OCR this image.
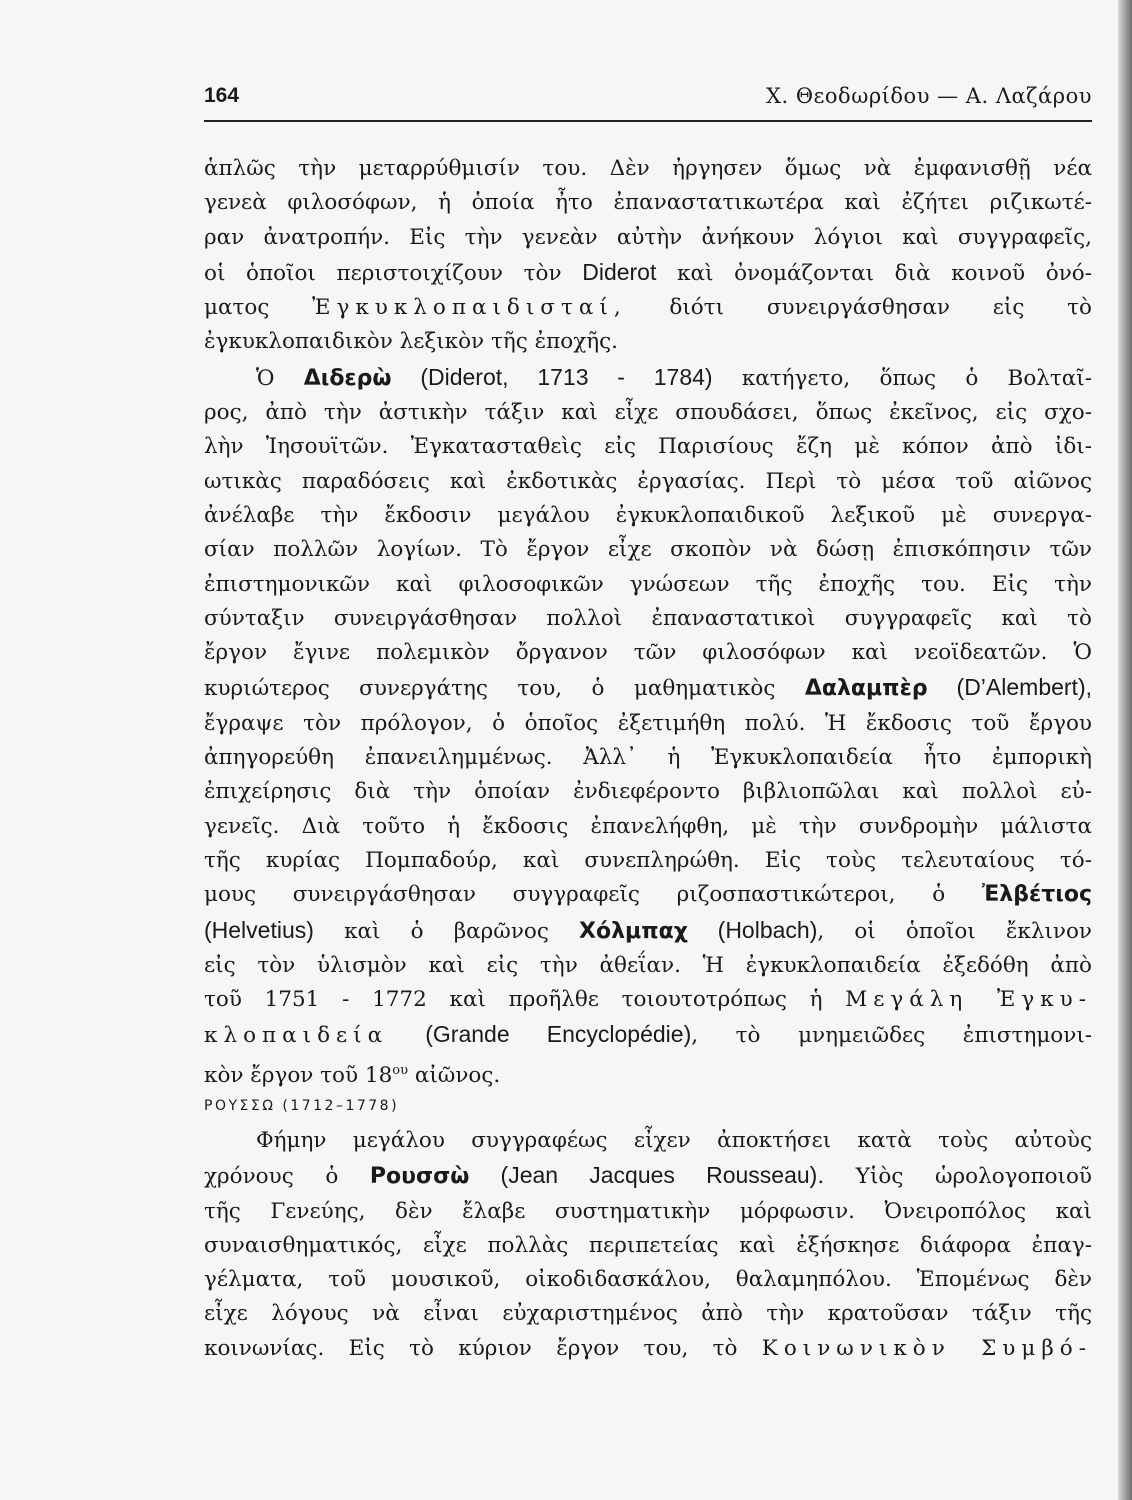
164	Χ. Θεοδωρίδου — Α. Λαζάρου
ἁπλῶς τὴν μεταρρύθμισίν του. Δὲν ἠργησεν ὅμως νὰ ἐμφανισθῇ νέα
γενεὰ φιλοσόφων, ἡ ὁποία ἦτο ἐπαναστατικωτέρα καὶ ἐζήτει ριζικωτέ-
ραν ἀνατροπήν. Εἰς τὴν γενεὰν αὐτὴν ἀνήκουν λόγιοι καὶ συγγραφεῖς,
οἱ ὁποῖοι περιστοιχίζουν τὸν Diderot καὶ ὀνομάζονται διὰ κοινοῦ ὀνό-
ματος Ἐγκυκλοπαιδισταί, διότι συνειργάσθησαν εἰς τὸ
ἐγκυκλοπαιδικὸν λεξικὸν τῆς ἐποχῆς.
Ὁ Διδερὼ (Diderot, 1713 - 1784) κατήγετο, ὅπως ὁ Βολταῖ-
ρος, ἀπὸ τὴν ἀστικὴν τάξιν καὶ εἶχε σπουδάσει, ὅπως ἐκεῖνος, εἰς σχο-
λὴν Ἰησουϊτῶν. Ἐγκατασταθεὶς εἰς Παρισίους ἔζη μὲ κόπον ἀπὸ ἰδι-
ωτικὰς παραδόσεις καὶ ἐκδοτικὰς ἐργασίας. Περὶ τὸ μέσα τοῦ αἰῶνος
ἀνέλαβε τὴν ἔκδοσιν μεγάλου ἐγκυκλοπαιδικοῦ λεξικοῦ μὲ συνεργα-
σίαν πολλῶν λογίων. Τὸ ἔργον εἶχε σκοπὸν νὰ δώσῃ ἐπισκόπησιν τῶν
ἐπιστημονικῶν καὶ φιλοσοφικῶν γνώσεων τῆς ἐποχῆς του. Εἰς τὴν
σύνταξιν συνειργάσθησαν πολλοὶ ἐπαναστατικοὶ συγγραφεῖς καὶ τὸ
ἔργον ἔγινε πολεμικὸν ὄργανον τῶν φιλοσόφων καὶ νεοϊδεατῶν. Ὁ
κυριώτερος συνεργάτης του, ὁ μαθηματικὸς Δαλαμπὲρ (D’Alembert),
ἔγραψε τὸν πρόλογον, ὁ ὁποῖος ἐξετιμήθη πολύ. Ἡ ἔκδοσις τοῦ ἔργου
ἀπηγορεύθη ἐπανειλημμένως. Ἀλλ᾿ ἡ Ἐγκυκλοπαιδεία ἦτο ἐμπορικὴ
ἐπιχείρησις διὰ τὴν ὁποίαν ἐνδιεφέροντο βιβλιοπῶλαι καὶ πολλοὶ εὐ-
γενεῖς. Διὰ τοῦτο ἡ ἔκδοσις ἐπανελήφθη, μὲ τὴν συνδρομὴν μάλιστα
τῆς κυρίας Πομπαδούρ, καὶ συνεπληρώθη. Εἰς τοὺς τελευταίους τό-
μους συνειργάσθησαν συγγραφεῖς ριζοσπαστικώτεροι, ὁ Ἐλβέτιος
(Helvetius) καὶ ὁ βαρῶνος Χόλμπαχ (Holbach), οἱ ὁποῖοι ἔκλινον
εἰς τὸν ὑλισμὸν καὶ εἰς τὴν ἀθεΐαν. Ἡ ἐγκυκλοπαιδεία ἐξεδόθη ἀπὸ
τοῦ 1751 - 1772 καὶ προῆλθε τοιουτοτρόπως ἡ Μεγάλη Ἐγκυ-
κλοπαιδεία (Grande Encyclopédie), τὸ μνημειῶδες ἐπιστημονι-
κὸν ἔργον τοῦ $18^{o\upsilon}$ αἰῶνος.
ΡΟΥΣΣΩ (1712–1778)
Φήμην μεγάλου συγγραφέως εἶχεν ἀποκτήσει κατὰ τοὺς αὐτοὺς
χρόνους ὁ Ρουσσὼ (Jean Jacques Rousseau). Υἱὸς ὡρολογοποιοῦ
τῆς Γενεύης, δὲν ἔλαβε συστηματικὴν μόρφωσιν. Ὀνειροπόλος καὶ
συναισθηματικός, εἶχε πολλὰς περιπετείας καὶ ἐξήσκησε διάφορα ἐπαγ-
γέλματα, τοῦ μουσικοῦ, οἰκοδιδασκάλου, θαλαμηπόλου. Ἑπομένως δὲν
εἶχε λόγους νὰ εἶναι εὐχαριστημένος ἀπὸ τὴν κρατοῦσαν τάξιν τῆς
κοινωνίας. Εἰς τὸ κύριον ἔργον του, τὸ Κοινωνικὸν Συμβό-
